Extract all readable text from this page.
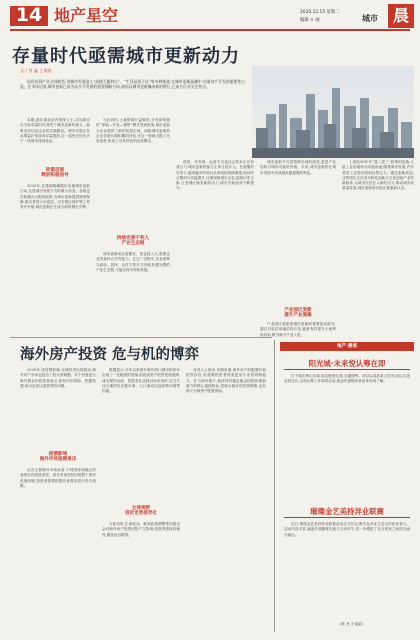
14 地产星空	2020.12.15 星期二
编辑 × 画	城市 晨
存量时代亟需城市更新动力
文 / 刘 鑫 王南星

国庆站到产业全球转型,但城市发展进入“高楼大厦林立”、“生活品质不佳”等多种挑战,在城市更新高潮中,存量房产开发的重要性凸显。在市场层面,城市更新已成为众多开发商的重要战略方向,如何以城市更新撬动新的增长,已成为行业关注焦点。

本期,我们请到业内资深人士,共同探讨在当前存量时代背景下城市更新的意义、政策走向以及企业的实践路径。城市发展正在从增量扩张转向存量提质,这一趋势已经在多个一线城市得到验证。

政策层面
释放积极信号

2020年,住建部明确提出实施城市更新行动,这是城市发展方式的重大转变。各地也在积极出台配套政策,为城市更新提供制度保障,推动老旧小区改造、历史街区保护等工作有序开展,城市更新正在成为新的增长引擎。

与此同时,土地资源日益紧张,开发商传统的“拿地—开发—销售”模式受到挑战,城市更新为企业提供了新的发展空间。深耕城市更新的企业凭借长期积累的经验,在这一领域占据了先发优势,形成了各具特色的运营模式。

持续完善不利人
产业生态链

城市更新项目周期长、资金投入大,需要企业具备综合开发能力。在这一过程中,企业需要与政府、居民、合作方等多方协调,构建完整的产业生态链,才能实现可持续发展。

政府、开发商、运营方以及社会资本正在形成合力,城市更新的参与主体日趋多元。在政策的引导下,越来越多的项目从单纯的拆除重建,转向综合整治与功能提升,注重保留城市记忆,延续历史文脉,让老城区焕发新的活力,城市空间品质不断提升。

城市更新不仅是物理空间的改造,更是产业结构与城市功能的升级。未来,城市更新将在城市发展中扮演越来越重要的角色。

产业园区更新
提升产业集聚

产业园区更新是城市更新的重要组成部分,通过对低效用地的再开发,能够有效提升土地利用效率,吸引新兴产业入驻。

上世纪90年代“退二进三”政策的实施,大量工业用地转为其他用途,随着城市发展,许多老旧工业园区面临转型压力。通过更新改造,这些园区正在成为科技创新与文化创意产业的新载体,为城市经济注入新的活力,推动城市高质量发展,城市更新的价值正被重新认识。

海外房产投资 危与机的博弈

2020年,受疫情影响,全球经济出现波动,海外房产市场也经历了较大的调整。对于有意进行海外置业的投资者而言,如何识别风险、把握机遇,成为必须认真思考的问题。

疫情影响
海外市场短期承压

从各主要海外市场来看,不同国家和地区的表现存在明显差异。部分市场在经历短暂下滑后迅速回暖,投资者需要根据自身需求进行综合判断。

数据显示,今年以来部分海外热门城市的房价出现了一定幅度的回落,但优质资产依然受到追捧,成交保持活跃。投资者在选择目标市场时,应当关注当地的经济基本面、人口流动以及政策环境等因素。

全球视野
房价走势差异化

与此同时,汇率波动、税收政策调整等因素也会对海外房产投资回报产生影响,投资者需保持理性,避免盲目跟风。

业内人士指出,长期来看,海外房产的配置价值依然存在,但需要投资者具备更加专业的判断能力。在当前环境下,选择具有稳定租金回报和增值潜力的核心地段物业,是较为稳妥的投资策略,也有助于分散资产配置风险。

地产·晨谈
阳光城·未来悦认筹在即

位于城市核心区域,周边配套完善,交通便利。项目以高品质人居为目标,打造宜居社区,目前认筹工作即将启动,欢迎有意购房者前来咨询了解。

璀璨金艺美持异业联赛

近日,璀璨金艺美持异业联赛活动正式开启,吸引众多业主及合作伙伴参与。活动内容丰富,涵盖多项趣味比赛与互动环节,进一步增进了社区邻里之间的交流与融合。

(林 亮 王南星)
